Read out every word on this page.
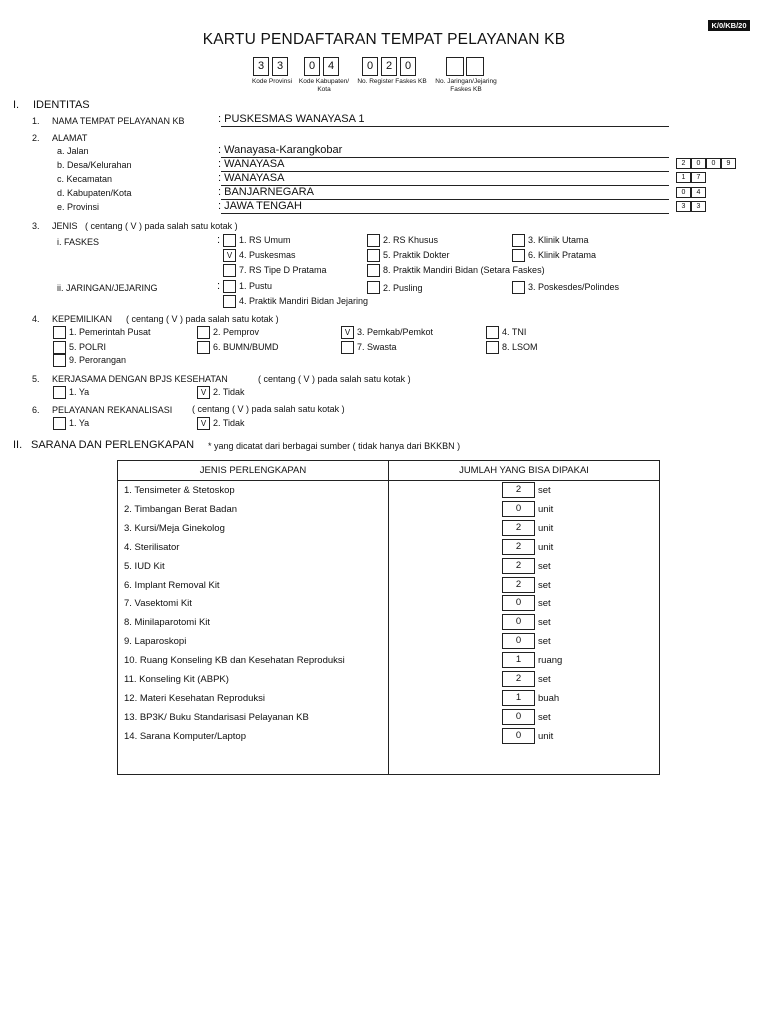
K/0/KB/20
KARTU PENDAFTARAN TEMPAT PELAYANAN KB
3	3	0	4	0	2	0
Kode Provinsi	Kode Kabupaten/ Kota
No. Register Faskes KB	No. Jaringan/Jejaring Faskes KB
I. IDENTITAS
1. NAMA TEMPAT PELAYANAN KB	: PUSKESMAS WANAYASA 1
2. ALAMAT
a. Jalan	: Wanayasa-Karangkobar
b. Desa/Kelurahan	: WANAYASA	2	0	0	9
c. Kecamatan	: WANAYASA	1	7
d. Kabupaten/Kota	: BANJARNEGARA	0	4
e. Provinsi	: JAWA TENGAH	3	3
3. JENIS ( centang ( V ) pada salah satu kotak )
i. FASKES	: 1. RS Umum	2. RS Khusus	3. Klinik Utama
V 4. Puskesmas	5. Praktik Dokter	6. Klinik Pratama
7. RS Tipe D Pratama	8. Praktik Mandiri Bidan (Setara Faskes)
ii. JARINGAN/JEJARING	: 1. Pustu	2. Pusling	3. Poskesdes/Polindes
4. Praktik Mandiri Bidan Jejaring
4. KEPEMILIKAN ( centang ( V ) pada salah satu kotak )
1. Pemerintah Pusat	2. Pemprov	V 3. Pemkab/Pemkot	4. TNI
5. POLRI	6. BUMN/BUMD	7. Swasta	8. LSOM
9. Perorangan
5. KERJASAMA DENGAN BPJS KESEHATAN	( centang ( V ) pada salah satu kotak )
1. Ya	V 2. Tidak
6. PELAYANAN REKANALISASI ( centang ( V ) pada salah satu kotak )
1. Ya	V 2. Tidak
II. SARANA DAN PERLENGKAPAN * yang dicatat dari berbagai sumber ( tidak hanya dari BKKBN )
JENIS PERLENGKAPAN	JUMLAH YANG BISA DIPAKAI

1. Tensimeter & Stetoskop	2	set
2. Timbangan Berat Badan	0	unit
3. Kursi/Meja Ginekolog	2	unit
4. Sterilisator	2	unit
5. IUD Kit	2	set
6. Implant Removal Kit	2	set
7. Vasektomi Kit	0	set
8. Minilaparotomi Kit	0	set
9. Laparoskopi	0	set
10. Ruang Konseling KB dan Kesehatan Reproduksi	1	ruang
11. Konseling Kit (ABPK)	2	set
12. Materi Kesehatan Reproduksi	1	buah
13. BP3K/ Buku Standarisasi Pelayanan KB	0	set
14. Sarana Komputer/Laptop	0	unit
